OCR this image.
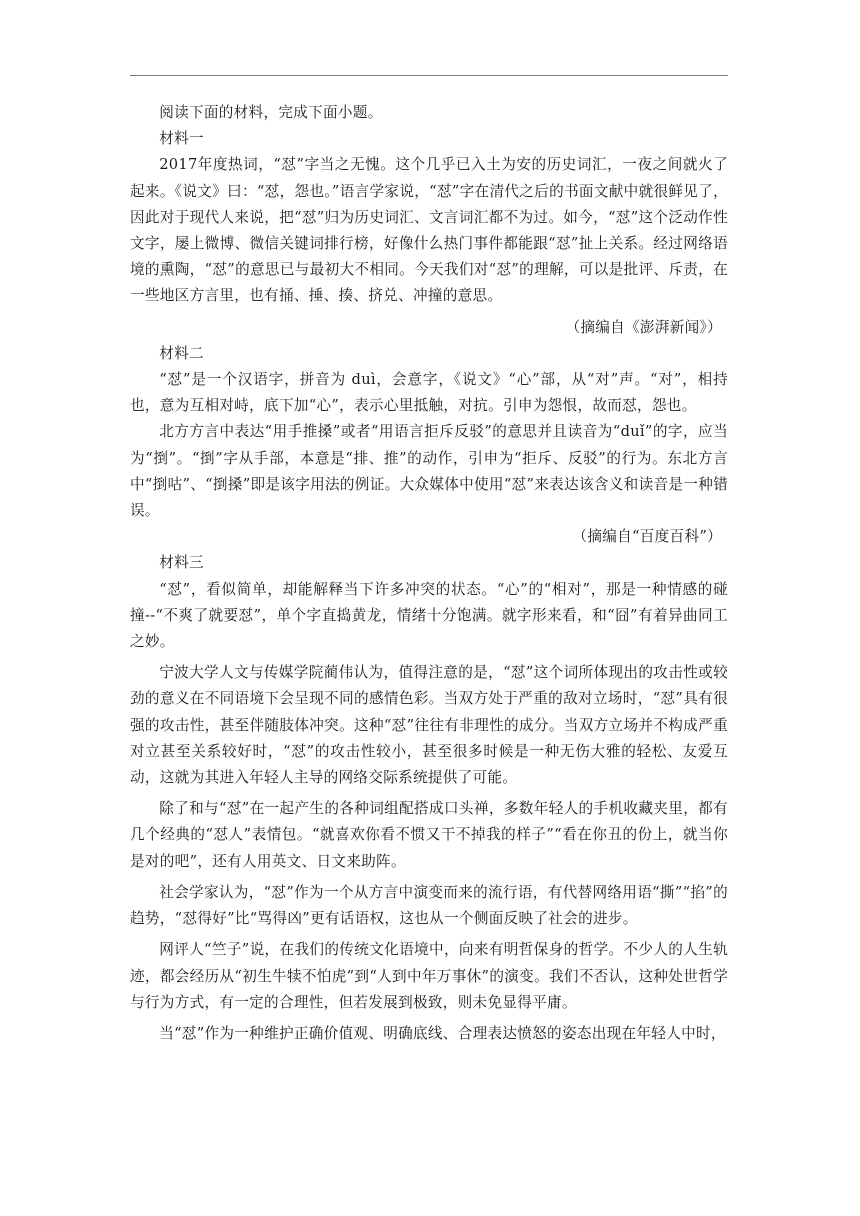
阅读下面的材料，完成下面小题。

材料一

2017年度热词，“怼”字当之无愧。这个几乎已入土为安的历史词汇，一夜之间就火了起来。《说文》曰：“怼，怨也。”语言学家说，“怼”字在清代之后的书面文献中就很鲜见了，因此对于现代人来说，把“怼”归为历史词汇、文言词汇都不为过。如今，“怼”这个泛动作性文字，屡上微博、微信关键词排行榜，好像什么热门事件都能跟“怼”扯上关系。经过网络语境的熏陶，“怼”的意思已与最初大不相同。今天我们对“怼”的理解，可以是批评、斥责，在一些地区方言里，也有捅、捶、揍、挤兑、冲撞的意思。

（摘编自《澎湃新闻》）

材料二

“怼”是一个汉语字，拼音为 duì，会意字，《说文》“心”部，从“对”声。“对”，相持也，意为互相对峙，底下加“心”，表示心里抵触，对抗。引申为怨恨，故而怼，怨也。

北方方言中表达“用手推搡”或者“用语言拒斥反驳”的意思并且读音为“duǐ”的字，应当为“捯”。“捯”字从手部，本意是“排、推”的动作，引申为“拒斥、反驳”的行为。东北方言中“捯咕”、“捯搡”即是该字用法的例证。大众媒体中使用“怼”来表达该含义和读音是一种错误。

（摘编自“百度百科”）

材料三

“怼”，看似简单，却能解释当下许多冲突的状态。“心”的“相对”，那是一种情感的碰撞--“不爽了就要怼”，单个字直捣黄龙，情绪十分饱满。就字形来看，和“囧”有着异曲同工之妙。

宁波大学人文与传媒学院蔺伟认为，值得注意的是，“怼”这个词所体现出的攻击性或较劲的意义在不同语境下会呈现不同的感情色彩。当双方处于严重的敌对立场时，“怼”具有很强的攻击性，甚至伴随肢体冲突。这种“怼”往往有非理性的成分。当双方立场并不构成严重对立甚至关系较好时，“怼”的攻击性较小，甚至很多时候是一种无伤大雅的轻松、友爱互动，这就为其进入年轻人主导的网络交际系统提供了可能。

除了和与“怼”在一起产生的各种词组配搭成口头禅，多数年轻人的手机收藏夹里，都有几个经典的“怼人”表情包。“就喜欢你看不惯又干不掉我的样子”“看在你丑的份上，就当你是对的吧”，还有人用英文、日文来助阵。

社会学家认为，“怼”作为一个从方言中演变而来的流行语，有代替网络用语“撕”“掐”的趋势，“怼得好”比“骂得凶”更有话语权，这也从一个侧面反映了社会的进步。

网评人“竺子”说，在我们的传统文化语境中，向来有明哲保身的哲学。不少人的人生轨迹，都会经历从“初生牛犊不怕虎”到“人到中年万事休”的演变。我们不否认，这种处世哲学与行为方式，有一定的合理性，但若发展到极致，则未免显得平庸。

当“怼”作为一种维护正确价值观、明确底线、合理表达愤怒的姿态出现在年轻人中时，
